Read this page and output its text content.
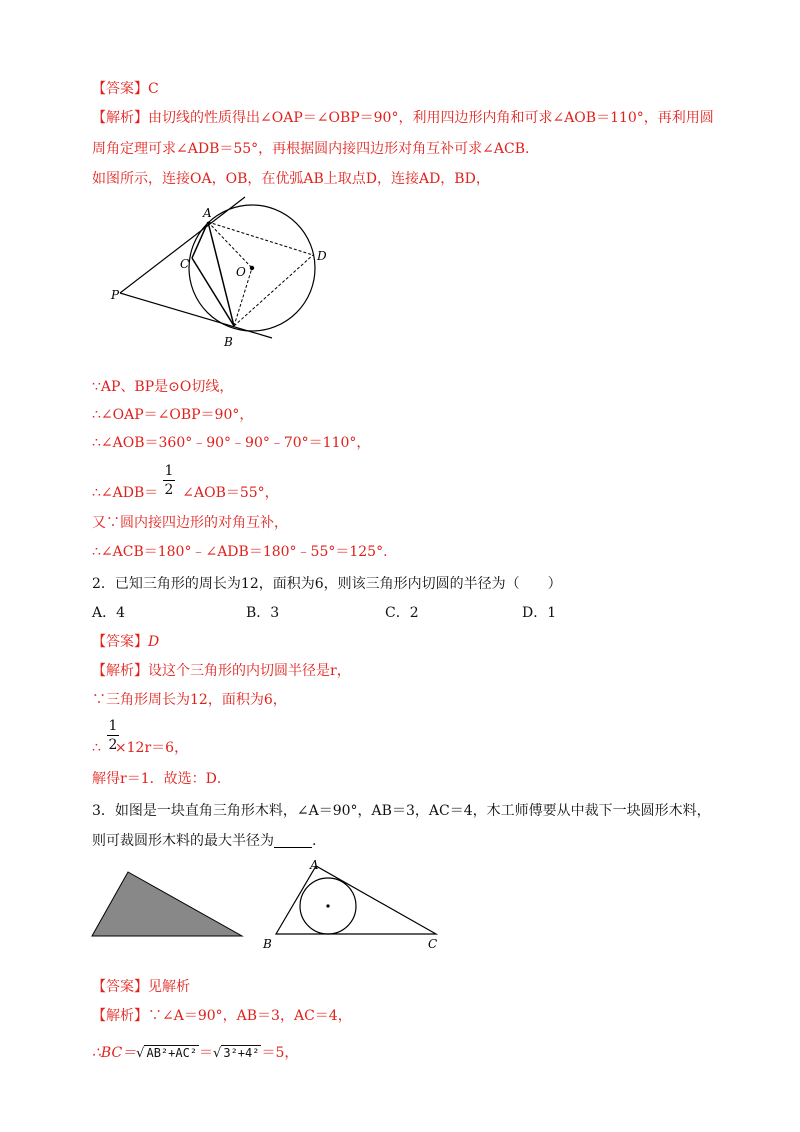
【答案】C
【解析】由切线的性质得出∠OAP＝∠OBP＝90°，利用四边形内角和可求∠AOB＝110°，再利用圆
周角定理可求∠ADB＝55°，再根据圆内接四边形对角互补可求∠ACB.
如图所示，连接OA，OB，在优弧AB上取点D，连接AD，BD，
A
C
O
D
P
B
∵AP、BP是⊙O切线，
∴∠OAP＝∠OBP＝90°，
∴∠AOB＝360°﹣90°﹣90°﹣70°＝110°，
∴∠ADB＝ ∠AOB＝55°，
1
2
又∵圆内接四边形的对角互补，
∴∠ACB＝180°﹣∠ADB＝180°﹣55°＝125°.
2．已知三角形的周长为12，面积为6，则该三角形内切圆的半径为（　　）
A．4	B．3	C．2	D．1
【答案】D
【解析】设这个三角形的内切圆半径是r，
∵三角形周长为12，面积为6，
1
2
∴ ×12r＝6，
解得r＝1．故选：D．
3．如图是一块直角三角形木料，∠A＝90°，AB＝3，AC＝4，木工师傅要从中裁下一块圆形木料，
则可裁圆形木料的最大半径为	.
A
B	C
【答案】见解析
【解析】∵∠A＝90°，AB＝3，AC＝4，
∴BC＝√ AB²+AC² ＝√ 3²+4² ＝5，
